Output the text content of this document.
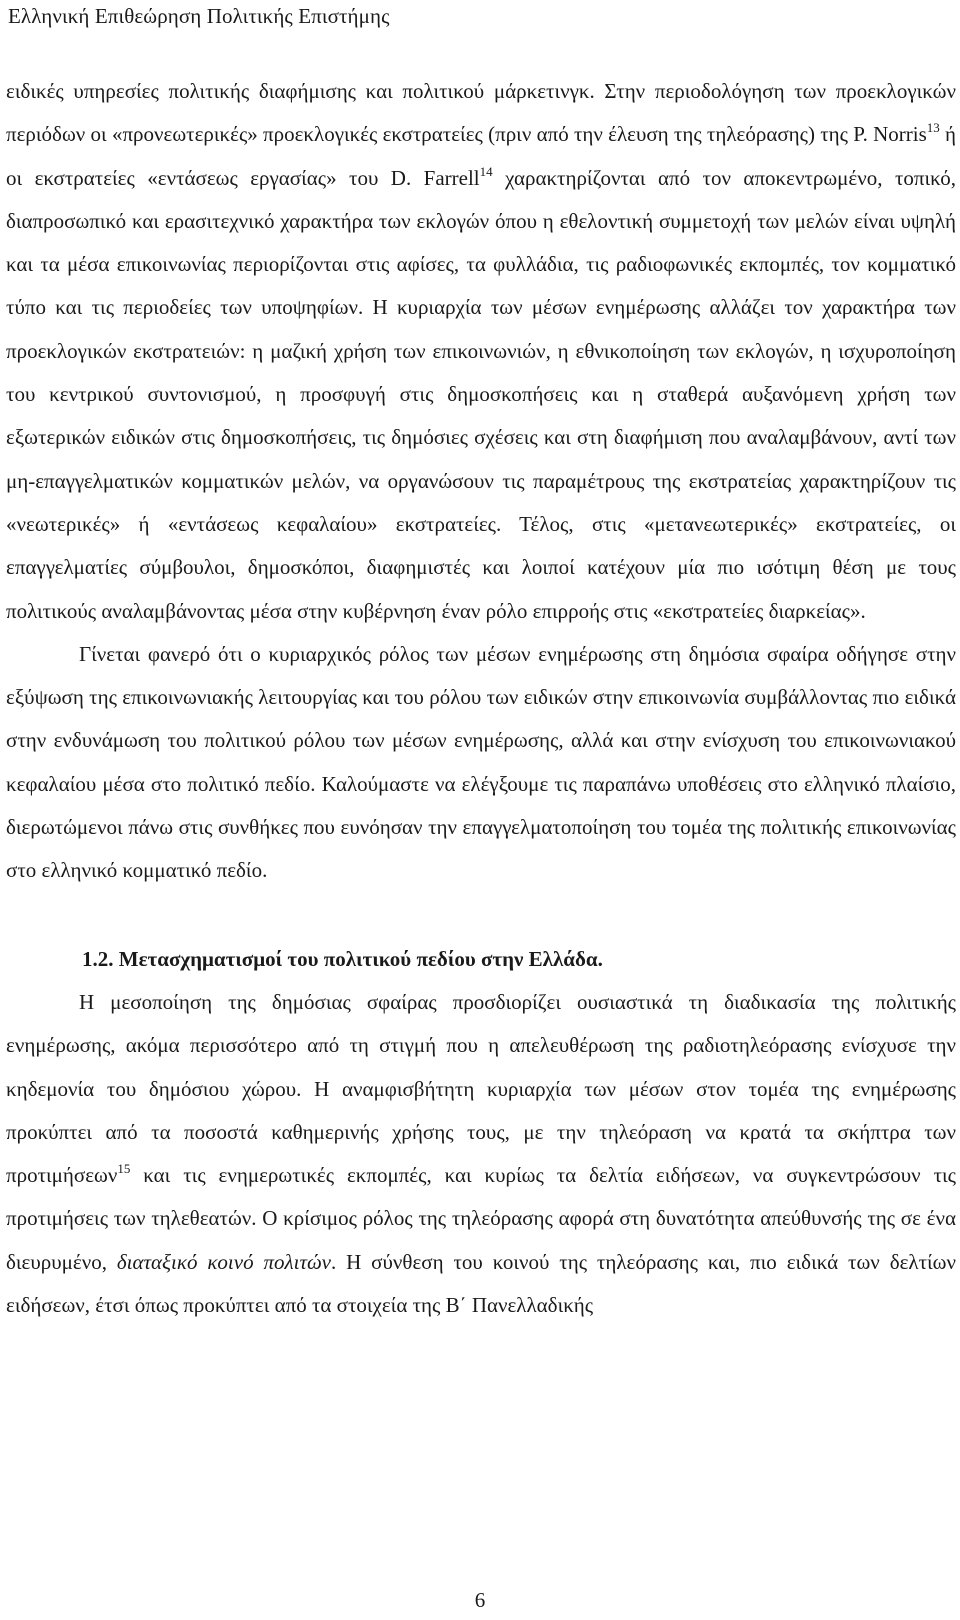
Ελληνική Επιθεώρηση Πολιτικής Επιστήμης

ειδικές υπηρεσίες πολιτικής διαφήμισης και πολιτικού μάρκετινγκ. Στην περιοδολόγηση των προεκλογικών περιόδων οι «προνεωτερικές» προεκλογικές εκστρατείες (πριν από την έλευση της τηλεόρασης) της P. Norris$^{13}$ ή οι εκστρατείες «εντάσεως εργασίας» του D. Farrell$^{14}$ χαρακτηρίζονται από τον αποκεντρωμένο, τοπικό, διαπροσωπικό και ερασιτεχνικό χαρακτήρα των εκλογών όπου η εθελοντική συμμετοχή των μελών είναι υψηλή και τα μέσα επικοινωνίας περιορίζονται στις αφίσες, τα φυλλάδια, τις ραδιοφωνικές εκπομπές, τον κομματικό τύπο και τις περιοδείες των υποψηφίων. Η κυριαρχία των μέσων ενημέρωσης αλλάζει τον χαρακτήρα των προεκλογικών εκστρατειών: η μαζική χρήση των επικοινωνιών, η εθνικοποίηση των εκλογών, η ισχυροποίηση του κεντρικού συντονισμού, η προσφυγή στις δημοσκοπήσεις και η σταθερά αυξανόμενη χρήση των εξωτερικών ειδικών στις δημοσκοπήσεις, τις δημόσιες σχέσεις και στη διαφήμιση που αναλαμβάνουν, αντί των μη-επαγγελματικών κομματικών μελών, να οργανώσουν τις παραμέτρους της εκστρατείας χαρακτηρίζουν τις «νεωτερικές» ή «εντάσεως κεφαλαίου» εκστρατείες. Τέλος, στις «μετανεωτερικές» εκστρατείες, οι επαγγελματίες σύμβουλοι, δημοσκόποι, διαφημιστές και λοιποί κατέχουν μία πιο ισότιμη θέση με τους πολιτικούς αναλαμβάνοντας μέσα στην κυβέρνηση έναν ρόλο επιρροής στις «εκστρατείες διαρκείας».

Γίνεται φανερό ότι ο κυριαρχικός ρόλος των μέσων ενημέρωσης στη δημόσια σφαίρα οδήγησε στην εξύψωση της επικοινωνιακής λειτουργίας και του ρόλου των ειδικών στην επικοινωνία συμβάλλοντας πιο ειδικά στην ενδυνάμωση του πολιτικού ρόλου των μέσων ενημέρωσης, αλλά και στην ενίσχυση του επικοινωνιακού κεφαλαίου μέσα στο πολιτικό πεδίο. Καλούμαστε να ελέγξουμε τις παραπάνω υποθέσεις στο ελληνικό πλαίσιο, διερωτώμενοι πάνω στις συνθήκες που ευνόησαν την επαγγελματοποίηση του τομέα της πολιτικής επικοινωνίας στο ελληνικό κομματικό πεδίο.

1.2. Μετασχηματισμοί του πολιτικού πεδίου στην Ελλάδα.

Η μεσοποίηση της δημόσιας σφαίρας προσδιορίζει ουσιαστικά τη διαδικασία της πολιτικής ενημέρωσης, ακόμα περισσότερο από τη στιγμή που η απελευθέρωση της ραδιοτηλεόρασης ενίσχυσε την κηδεμονία του δημόσιου χώρου. Η αναμφισβήτητη κυριαρχία των μέσων στον τομέα της ενημέρωσης προκύπτει από τα ποσοστά καθημερινής χρήσης τους, με την τηλεόραση να κρατά τα σκήπτρα των προτιμήσεων$^{15}$ και τις ενημερωτικές εκπομπές, και κυρίως τα δελτία ειδήσεων, να συγκεντρώσουν τις προτιμήσεις των τηλεθεατών. Ο κρίσιμος ρόλος της τηλεόρασης αφορά στη δυνατότητα απεύθυνσής της σε ένα διευρυμένο, διαταξικό κοινό πολιτών. Η σύνθεση του κοινού της τηλεόρασης και, πιο ειδικά των δελτίων ειδήσεων, έτσι όπως προκύπτει από τα στοιχεία της Β΄ Πανελλαδικής

6
